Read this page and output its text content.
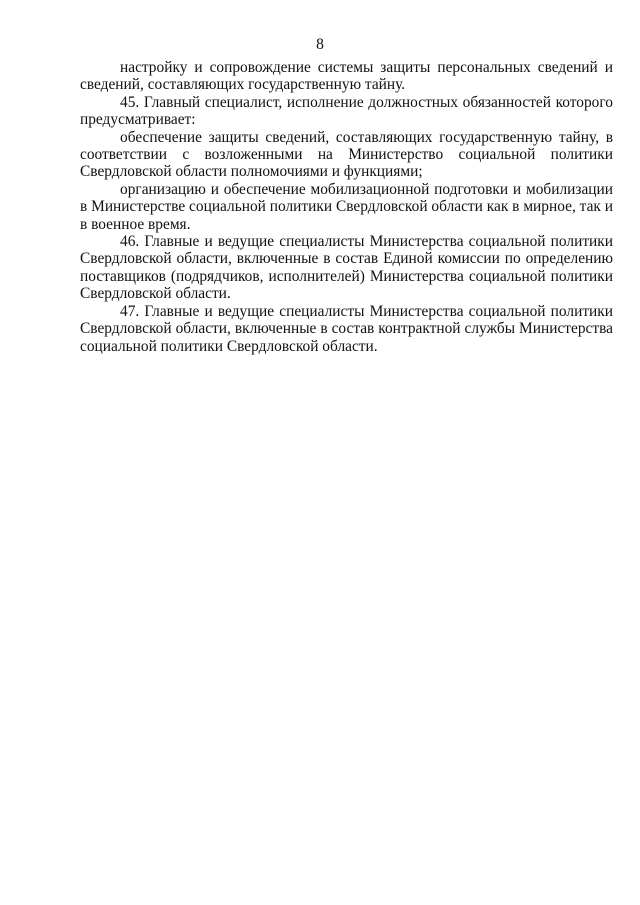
8

настройку и сопровождение системы защиты персональных сведений и сведений, составляющих государственную тайну.

45. Главный специалист, исполнение должностных обязанностей которого предусматривает:

обеспечение защиты сведений, составляющих государственную тайну, в соответствии с возложенными на Министерство социальной политики Свердловской области полномочиями и функциями;

организацию и обеспечение мобилизационной подготовки и мобилизации в Министерстве социальной политики Свердловской области как в мирное, так и в военное время.

46. Главные и ведущие специалисты Министерства социальной политики Свердловской области, включенные в состав Единой комиссии по определению поставщиков (подрядчиков, исполнителей) Министерства социальной политики Свердловской области.

47. Главные и ведущие специалисты Министерства социальной политики Свердловской области, включенные в состав контрактной службы Министерства социальной политики Свердловской области.
